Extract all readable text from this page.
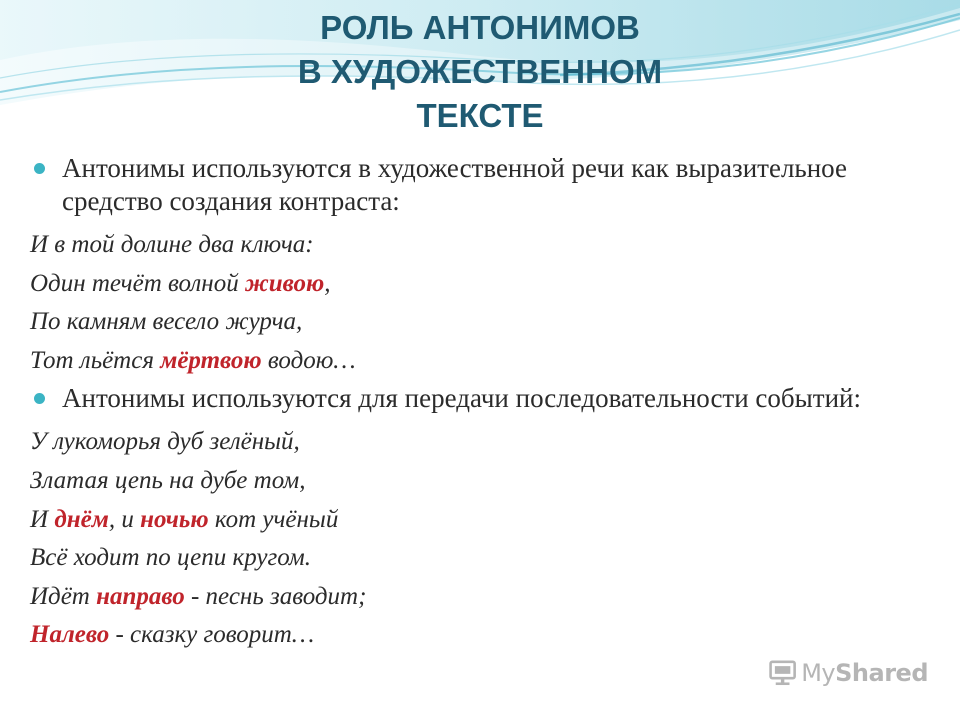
РОЛЬ АНТОНИМОВ
В ХУДОЖЕСТВЕННОМ
ТЕКСТЕ

Антонимы используются в художественной речи как выразительное средство создания контраста:

И в той долине два ключа:
Один течёт волной живою,
По камням весело журча,
Тот льётся мёртвою водою…

Антонимы используются для передачи последовательности событий:

У лукоморья дуб зелёный,
Златая цепь на дубе том,
И днём, и ночью кот учёный
Всё ходит по цепи кругом.
Идёт направо - песнь заводит;
Налево - сказку говорит…
MyShared
